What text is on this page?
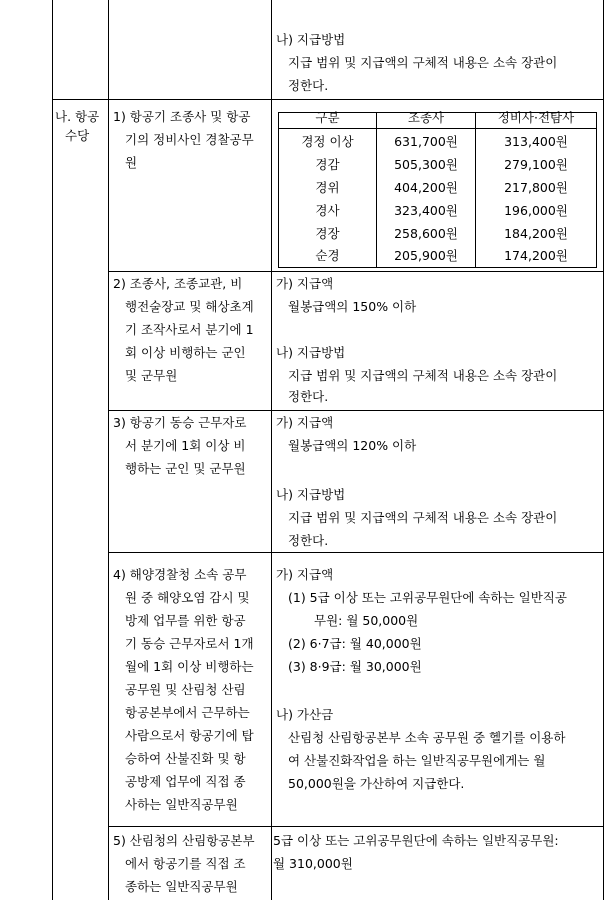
나) 지급방법
지급 범위 및 지급액의 구체적 내용은 소속 장관이
정한다.
나. 항공
수당
1) 항공기 조종사 및 항공
기의 정비사인 경찰공무
원
구분	조종사	정비사·전탐사
경정 이상	631,700원	313,400원
경감	505,300원	279,100원
경위	404,200원	217,800원
경사	323,400원	196,000원
경장	258,600원	184,200원
순경	205,900원	174,200원
2) 조종사, 조종교관, 비
행전술장교 및 해상초계
기 조작사로서 분기에 1
회 이상 비행하는 군인
및 군무원
가) 지급액
월봉급액의 150% 이하
나) 지급방법
지급 범위 및 지급액의 구체적 내용은 소속 장관이
정한다.
3) 항공기 동승 근무자로
서 분기에 1회 이상 비
행하는 군인 및 군무원
가) 지급액
월봉급액의 120% 이하
나) 지급방법
지급 범위 및 지급액의 구체적 내용은 소속 장관이
정한다.
4) 해양경찰청 소속 공무
원 중 해양오염 감시 및
방제 업무를 위한 항공
기 동승 근무자로서 1개
월에 1회 이상 비행하는
공무원 및 산림청 산림
항공본부에서 근무하는
사람으로서 항공기에 탑
승하여 산불진화 및 항
공방제 업무에 직접 종
사하는 일반직공무원
가) 지급액
(1) 5급 이상 또는 고위공무원단에 속하는 일반직공
무원: 월 50,000원
(2) 6·7급: 월 40,000원
(3) 8·9급: 월 30,000원
나) 가산금
산림청 산림항공본부 소속 공무원 중 헬기를 이용하
여 산불진화작업을 하는 일반직공무원에게는 월
50,000원을 가산하여 지급한다.
5) 산림청의 산림항공본부
에서 항공기를 직접 조
종하는 일반직공무원
5급 이상 또는 고위공무원단에 속하는 일반직공무원:
월 310,000원
